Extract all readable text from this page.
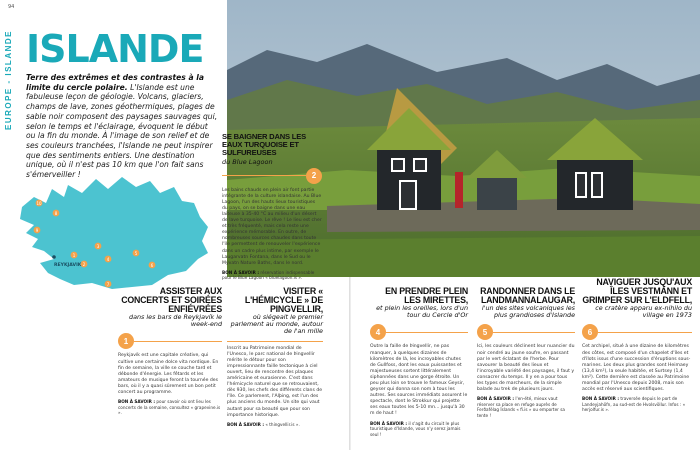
94
EUROPE - ISLANDE ISLANDE
Terre des extrêmes et des contrastes à la limite du cercle polaire. L'Islande est une fabuleuse leçon de géologie. Volcans, glaciers, champs de lave, zones géothermiques, plages de sable noir composent des paysages sauvages qui, selon le temps et l'éclairage, évoquent le début ou la fin du monde. À l'image de son relief et de ses couleurs tranchées, l'Islande ne peut inspirer que des sentiments entiers. Une destination unique, où il n'est pas 10 km que l'on fait sans s'émerveiller !
10
8
9
1
2
3
4
5
6
7
REYKJAVIK
SE BAIGNER DANS LES EAUX TURQUOISE ET SULFUREUSES
du Blue Lagoon
2
Les bains chauds en plein air font partie intégrante de la culture islandaise. Au Blue Lagoon, l'un des hauts lieux touristiques du pays, on se baigne dans une eau laiteuse à 35-40 °C au milieu d'un désert de lave turquoise. Le rêve ! Le lieu est cher et très fréquenté, mais cela reste une expérience mémorable. En outre, de nombreuses sources chaudes dans toute l'île permettent de renouveler l'expérience dans un cadre plus intime, par exemple le Laugarvatn Fontana, dans le Sud ou le Mývatn Nature Baths, dans le nord.
BON À SAVOIR : réservation indispensable pour le Blue Lagoon « bluelagoon.is ».
ASSISTER AUX CONCERTS ET SOIRÉES ENFIÉVRÉES
dans les bars de Reykjavík le week-end
1
Reykjavík est une capitale créative, qui cultive une certaine dolce vita nordique. En fin de semaine, la ville se couche tard et débonde d'énergie. Les fêtards et les amateurs de musique feront la tournée des bars, où il y a quasi sûrement un bon petit concert au programme.
BON À SAVOIR : pour savoir où ont lieu les concerts de la semaine, consultez « grapevine.is ».
VISITER « L'HÉMICYCLE » DE PINGVELLIR,
où siégeait le premier parlement au monde, autour de l'an mille
Inscrit au Patrimoine mondial de l'Unesco, le parc national de Þingvellir mérite le détour pour son impressionnante faille tectonique à ciel ouvert, lieu de rencontre des plaques américaine et eurasienne. C'est dans l'hémicycle naturel que se retrouvaient, dès 930, les chefs des différents clans de l'île. Ce parlement, l'Alþing, est l'un des plus anciens du monde. Un site qui vaut autant pour sa beauté que pour son importance historique.
BON À SAVOIR : « thingvellir.is ».
EN PRENDRE PLEIN LES MIRETTES,
et plein les oreilles, lors d'un tour du Cercle d'Or
4
Outre la faille de Þingvellir, ne pas manquer, à quelques dizaines de kilomètres de là, les incroyables chutes de Gullfoss, dont les eaux puissantes et majestueuses sortent littéralement siphonnées dans une gorge étroite. Un peu plus loin se trouve le fameux Geysir, geyser qui donna son nom à tous les autres. Ses sources immédiats assurent le spectacle, dont le Strokkur qui projette ses eaux toutes les 5-10 mn... jusqu'à 30 m de haut !
BON À SAVOIR : il s'agit du circuit le plus touristique d'Islande, vous n'y serez jamais seul !
RANDONNER DANS LE LANDMANNALAUGAR,
l'un des sites volcaniques les plus grandioses d'Islande
5
Ici, les couleurs déclinent leur nuancier du noir cendré au jaune soufre, en passant par le vert éclatant de l'herbe. Pour savourer la beauté des lieux et l'incroyable variété des paysages, il faut y consacrer du temps. Il y en a pour tous les types de marcheurs, de la simple balade au trek de plusieurs jours.
BON À SAVOIR : l'en-été, mieux vaut réserver sa place en refuge auprès de Ferðafélag Íslands « fi.is » ou emporter sa tente !
NAVIGUER JUSQU'AUX ÎLES VESTMANN ET GRIMPER SUR L'ELDFELL,
ce cratère apparu ex-nihilo du village en 1973
6
Cet archipel, situé à une dizaine de kilomètres des côtes, est composé d'un chapelet d'îles et d'îlots issus d'une succession d'éruptions sous-marines. Les deux plus grandes sont Heimaey (13,4 km²), la seule habitée, et Surtsey (1,4 km²). Cette dernière est classée au Patrimoine mondial par l'Unesco depuis 2008, mais son accès est réservé aux scientifiques.
BON À SAVOIR : traversée depuis le port de Landeyjahöfn, au sud-est de Hvolsvöllur. Infos : « herjolfur.is ».
